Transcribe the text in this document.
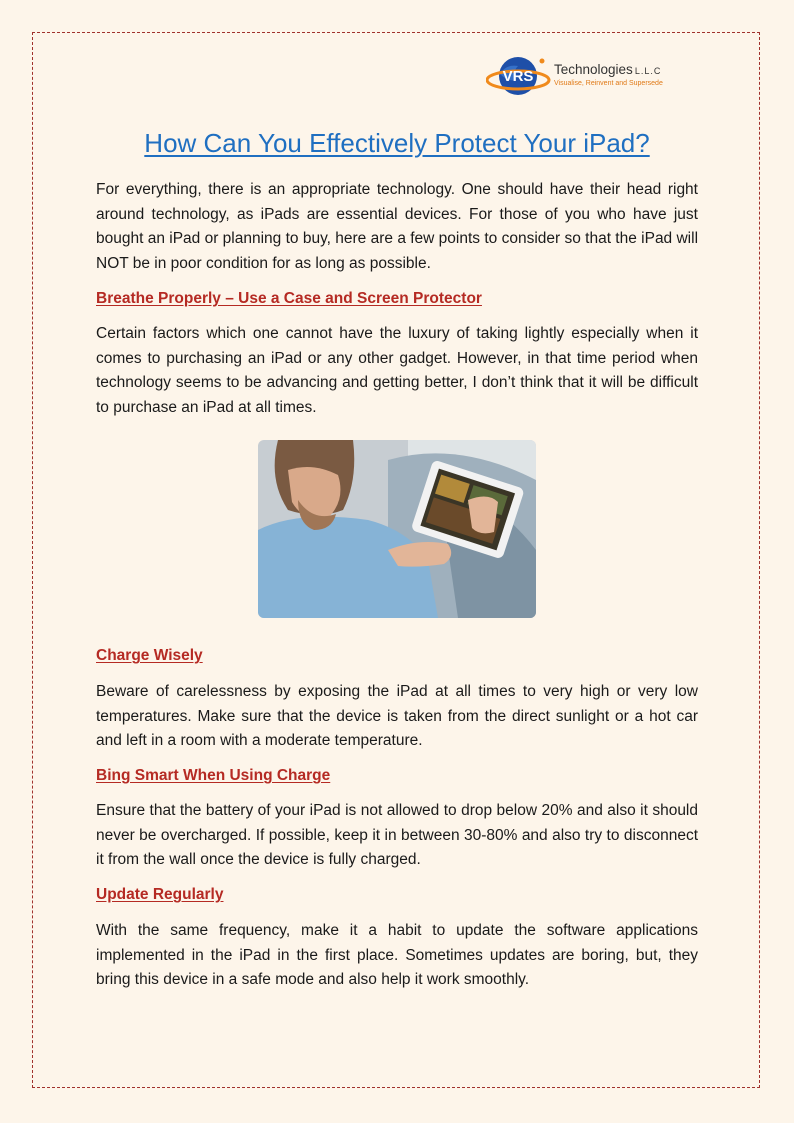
VRS Technologies L.L.C
Visualise, Reinvent and Supersede
How Can You Effectively Protect Your iPad?

For everything, there is an appropriate technology. One should have their head right around technology, as iPads are essential devices. For those of you who have just bought an iPad or planning to buy, here are a few points to consider so that the iPad will NOT be in poor condition for as long as possible.

Breathe Properly – Use a Case and Screen Protector

Certain factors which one cannot have the luxury of taking lightly especially when it comes to purchasing an iPad or any other gadget. However, in that time period when technology seems to be advancing and getting better, I don’t think that it will be difficult to purchase an iPad at all times.

Charge Wisely

Beware of carelessness by exposing the iPad at all times to very high or very low temperatures. Make sure that the device is taken from the direct sunlight or a hot car and left in a room with a moderate temperature.

Bing Smart When Using Charge

Ensure that the battery of your iPad is not allowed to drop below 20% and also it should never be overcharged. If possible, keep it in between 30-80% and also try to disconnect it from the wall once the device is fully charged.

Update Regularly

With the same frequency, make it a habit to update the software applications implemented in the iPad in the first place. Sometimes updates are boring, but, they bring this device in a safe mode and also help it work smoothly.
